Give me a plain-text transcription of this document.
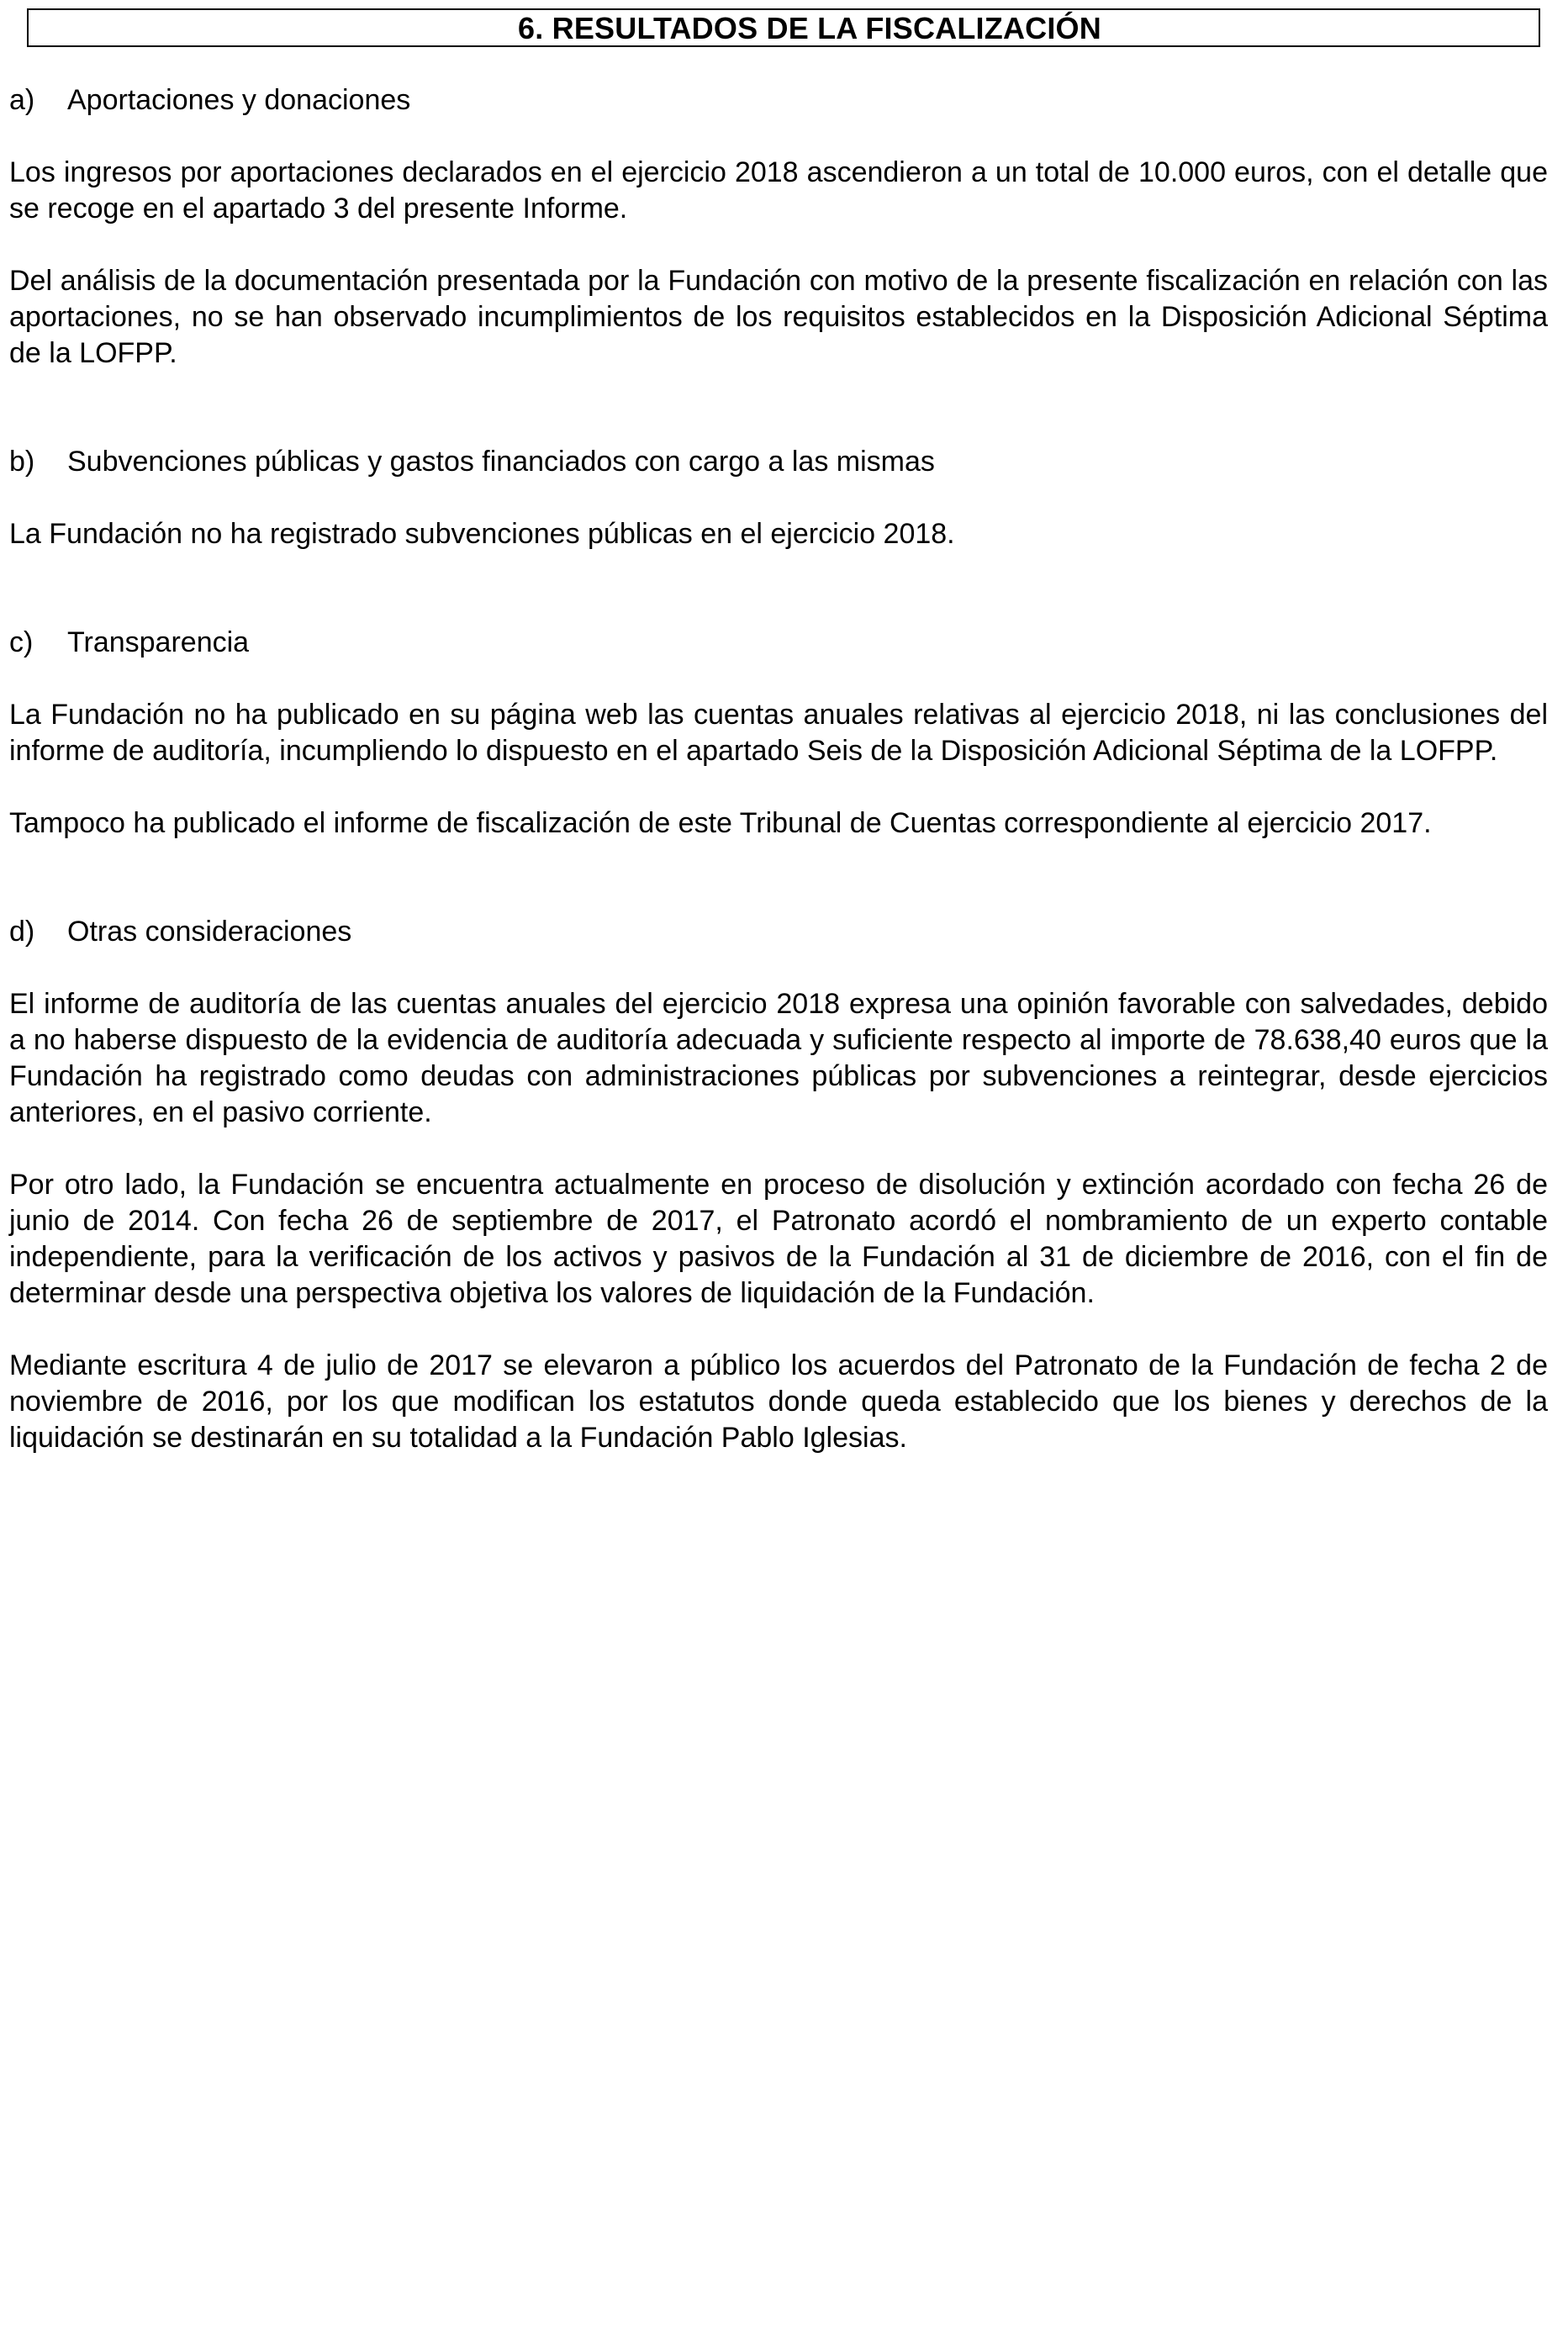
6. RESULTADOS DE LA FISCALIZACIÓN
a)	Aportaciones y donaciones

Los ingresos por aportaciones declarados en el ejercicio 2018 ascendieron a un total de 10.000 euros, con el detalle que se recoge en el apartado 3 del presente Informe.

Del análisis de la documentación presentada por la Fundación con motivo de la presente fiscalización en relación con las aportaciones, no se han observado incumplimientos de los requisitos establecidos en la Disposición Adicional Séptima de la LOFPP.

b)	Subvenciones públicas y gastos financiados con cargo a las mismas

La Fundación no ha registrado subvenciones públicas en el ejercicio 2018.

c)	Transparencia

La Fundación no ha publicado en su página web las cuentas anuales relativas al ejercicio 2018, ni las conclusiones del informe de auditoría, incumpliendo lo dispuesto en el apartado Seis de la Disposición Adicional Séptima de la LOFPP.

Tampoco ha publicado el informe de fiscalización de este Tribunal de Cuentas correspondiente al ejercicio 2017.

d)	Otras consideraciones

El informe de auditoría de las cuentas anuales del ejercicio 2018 expresa una opinión favorable con salvedades, debido a no haberse dispuesto de la evidencia de auditoría adecuada y suficiente respecto al importe de 78.638,40 euros que la Fundación ha registrado como deudas con administraciones públicas por subvenciones a reintegrar, desde ejercicios anteriores, en el pasivo corriente.

Por otro lado, la Fundación se encuentra actualmente en proceso de disolución y extinción acordado con fecha 26 de junio de 2014. Con fecha 26 de septiembre de 2017, el Patronato acordó el nombramiento de un experto contable independiente, para la verificación de los activos y pasivos de la Fundación al 31 de diciembre de 2016, con el fin de determinar desde una perspectiva objetiva los valores de liquidación de la Fundación.

Mediante escritura 4 de julio de 2017 se elevaron a público los acuerdos del Patronato de la Fundación de fecha 2 de noviembre de 2016, por los que modifican los estatutos donde queda establecido que los bienes y derechos de la liquidación se destinarán en su totalidad a la Fundación Pablo Iglesias.
